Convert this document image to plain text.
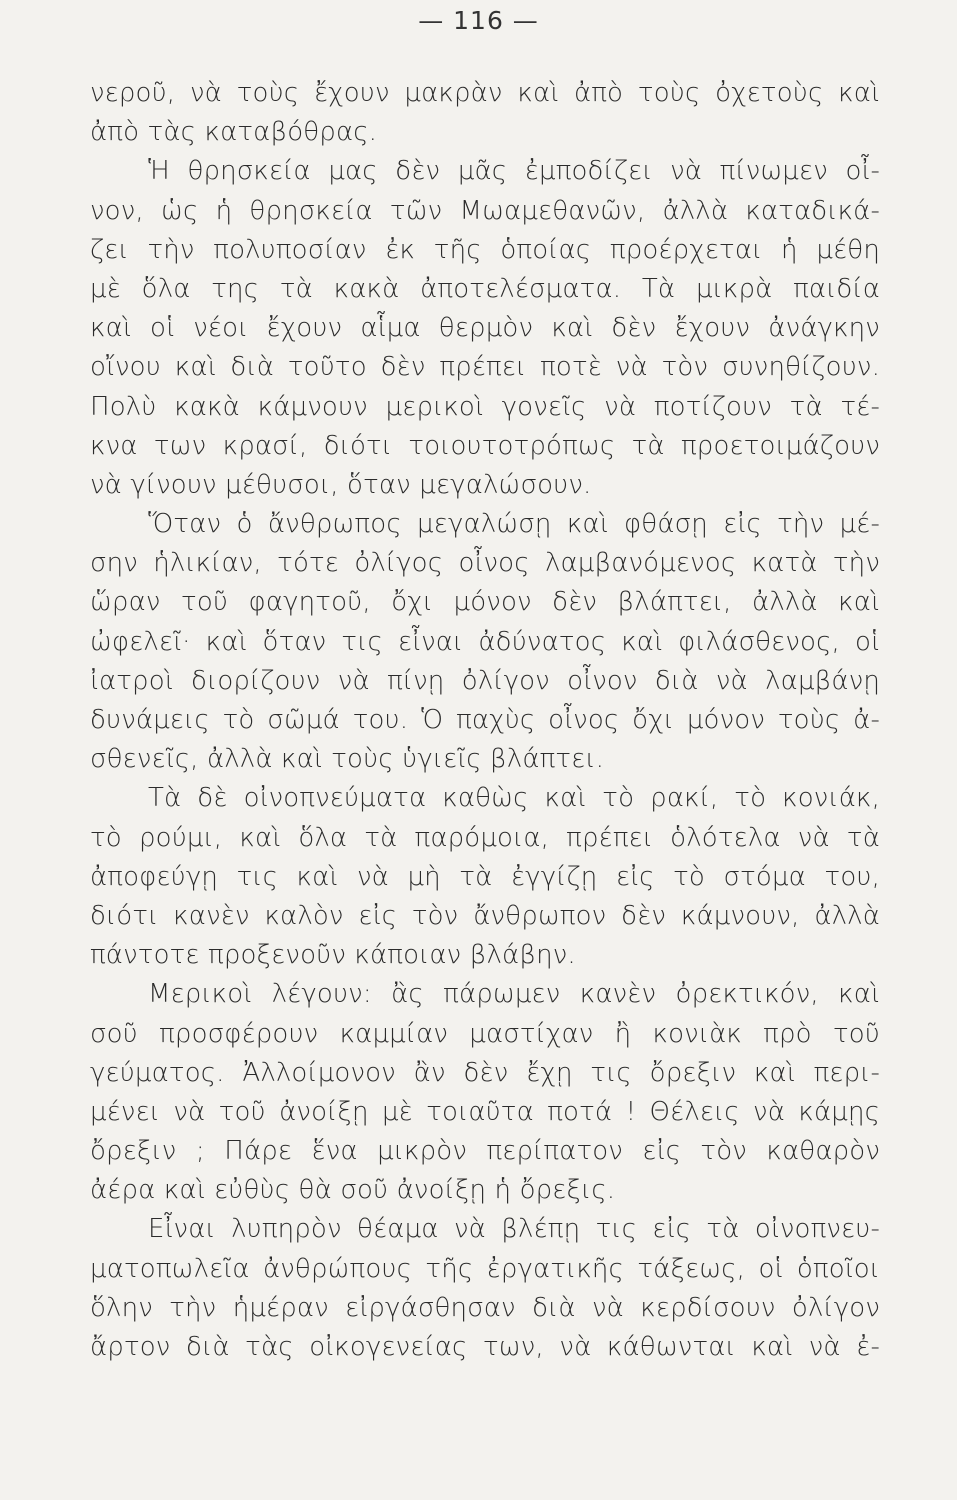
— 116 —
νεροῦ, νὰ τοὺς ἔχουν μακρὰν καὶ ἀπὸ τοὺς ὀχετοὺς καὶ
ἀπὸ τὰς καταβόθρας.
Ἡ θρησκεία μας δὲν μᾶς ἐμποδίζει νὰ πίνωμεν οἶ-
νον, ὡς ἡ θρησκεία τῶν Μωαμεθανῶν, ἀλλὰ καταδικά-
ζει τὴν πολυποσίαν ἐκ τῆς ὁποίας προέρχεται ἡ μέθη
μὲ ὅλα της τὰ κακὰ ἀποτελέσματα. Τὰ μικρὰ παιδία
καὶ οἱ νέοι ἔχουν αἷμα θερμὸν καὶ δὲν ἔχουν ἀνάγκην
οἴνου καὶ διὰ τοῦτο δὲν πρέπει ποτὲ νὰ τὸν συνηθίζουν.
Πολὺ κακὰ κάμνουν μερικοὶ γονεῖς νὰ ποτίζουν τὰ τέ-
κνα των κρασί, διότι τοιουτοτρόπως τὰ προετοιμάζουν
νὰ γίνουν μέθυσοι, ὅταν μεγαλώσουν.
Ὅταν ὁ ἄνθρωπος μεγαλώσῃ καὶ φθάσῃ εἰς τὴν μέ-
σην ἡλικίαν, τότε ὀλίγος οἶνος λαμβανόμενος κατὰ τὴν
ὥραν τοῦ φαγητοῦ, ὄχι μόνον δὲν βλάπτει, ἀλλὰ καὶ
ὠφελεῖ· καὶ ὅταν τις εἶναι ἀδύνατος καὶ φιλάσθενος, οἱ
ἰατροὶ διορίζουν νὰ πίνῃ ὀλίγον οἶνον διὰ νὰ λαμβάνῃ
δυνάμεις τὸ σῶμά του. Ὁ παχὺς οἶνος ὄχι μόνον τοὺς ἀ-
σθενεῖς, ἀλλὰ καὶ τοὺς ὑγιεῖς βλάπτει.
Τὰ δὲ οἰνοπνεύματα καθὼς καὶ τὸ ρακί, τὸ κονιάκ,
τὸ ρούμι, καὶ ὅλα τὰ παρόμοια, πρέπει ὁλότελα νὰ τὰ
ἀποφεύγῃ τις καὶ νὰ μὴ τὰ ἐγγίζῃ εἰς τὸ στόμα του,
διότι κανὲν καλὸν εἰς τὸν ἄνθρωπον δὲν κάμνουν, ἀλλὰ
πάντοτε προξενοῦν κάποιαν βλάβην.
Μερικοὶ λέγουν: ἂς πάρωμεν κανὲν ὀρεκτικόν, καὶ
σοῦ προσφέρουν καμμίαν μαστίχαν ἢ κονιὰκ πρὸ τοῦ
γεύματος. Ἀλλοίμονον ἂν δὲν ἔχῃ τις ὄρεξιν καὶ περι-
μένει νὰ τοῦ ἀνοίξῃ μὲ τοιαῦτα ποτά ! Θέλεις νὰ κάμῃς
ὄρεξιν ; Πάρε ἕνα μικρὸν περίπατον εἰς τὸν καθαρὸν
ἀέρα καὶ εὐθὺς θὰ σοῦ ἀνοίξῃ ἡ ὄρεξις.
Εἶναι λυπηρὸν θέαμα νὰ βλέπῃ τις εἰς τὰ οἰνοπνευ-
ματοπωλεῖα ἀνθρώπους τῆς ἐργατικῆς τάξεως, οἱ ὁποῖοι
ὅλην τὴν ἡμέραν εἰργάσθησαν διὰ νὰ κερδίσουν ὀλίγον
ἄρτον διὰ τὰς οἰκογενείας των, νὰ κάθωνται καὶ νὰ ἐ-
